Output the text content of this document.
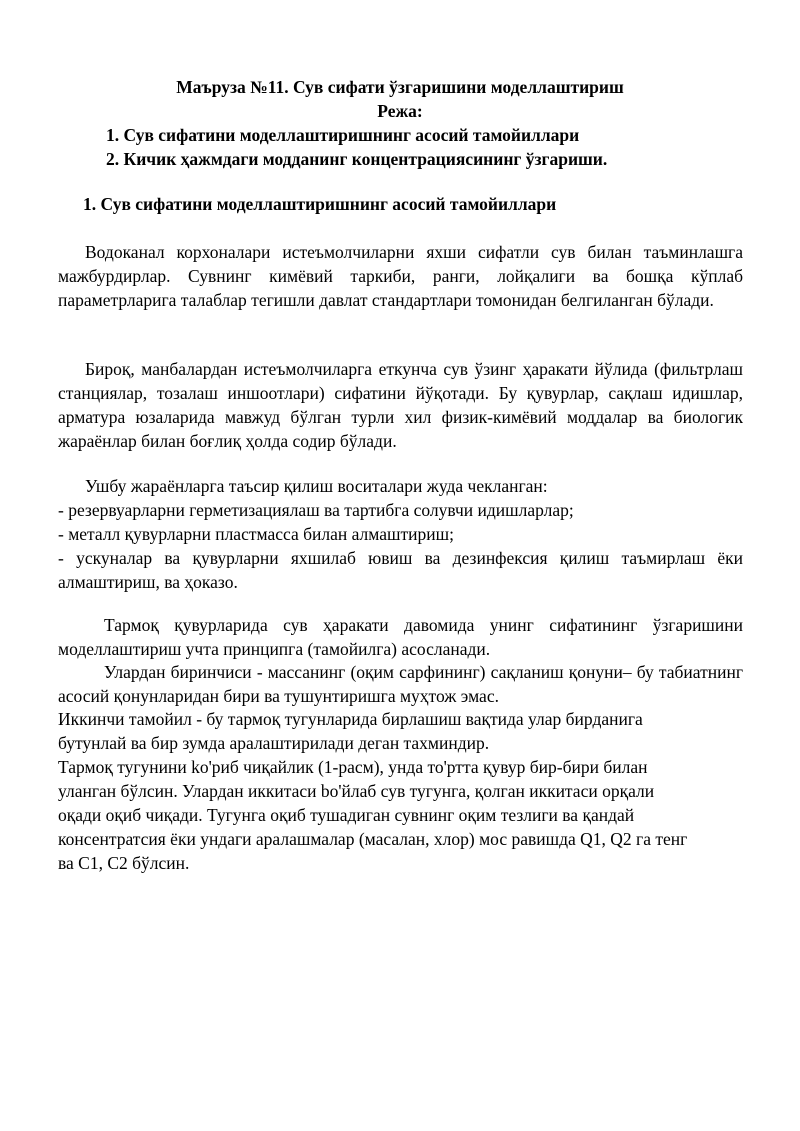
Маъруза №11. Сув сифати ўзгаришини моделлаштириш

Режа:

1. Сув сифатини моделлаштиришнинг асосий тамойиллари

2. Кичик ҳажмдаги модданинг концентрациясининг ўзгариши.

1. Сув сифатини моделлаштиришнинг асосий тамойиллари

Водоканал корхоналари истеъмолчиларни яхши сифатли сув билан таъминлашга мажбурдирлар. Сувнинг кимёвий таркиби, ранги, лойқалиги ва бошқа кўплаб параметрларига талаблар тегишли давлат стандартлари томонидан белгиланган бўлади.

Бироқ, манбалардан истеъмолчиларга еткунча сув ўзинг ҳаракати йўлида (фильтрлаш станциялар, тозалаш иншоотлари) сифатини йўқотади. Бу қувурлар, сақлаш идишлар, арматура юзаларида мавжуд бўлган турли хил физик-кимёвий моддалар ва биологик жараёнлар билан боғлиқ ҳолда содир бўлади.

Ушбу жараёнларга таъсир қилиш воситалари жуда чекланган:

- резервуарларни герметизациялаш ва тартибга солувчи идишларлар;

- металл қувурларни пластмасса билан алмаштириш;

- ускуналар ва қувурларни яхшилаб ювиш ва дезинфексия қилиш таъмирлаш ёки алмаштириш, ва ҳоказо.

Тармоқ қувурларида сув ҳаракати давомида унинг сифатининг ўзгаришини моделлаштириш учта принципга (тамойилга) асосланади.

Улардан биринчиси - массанинг (оқим сарфининг) сақланиш қонуни– бу табиатнинг асосий қонунларидан бири ва тушунтиришга муҳтож эмас.

Иккинчи тамойил - бу тармоқ тугунларида бирлашиш вақтида улар бирданига
бутунлай ва бир зумда аралаштирилади деган тахминдир.
Тармоқ тугунини ko'риб чиқайлик (1-расм), унда то'ртта қувур бир-бири билан
уланган бўлсин. Улардан иккитаси bo'йлаб сув тугунга, қолган иккитаси орқали
оқади оқиб чиқади. Тугунга оқиб тушадиган сувнинг оқим тезлиги ва қандай
консентратсия ёки ундаги аралашмалар (масалан, хлор) мос равишда Q1, Q2 га тенг
ва C1, C2 бўлсин.
